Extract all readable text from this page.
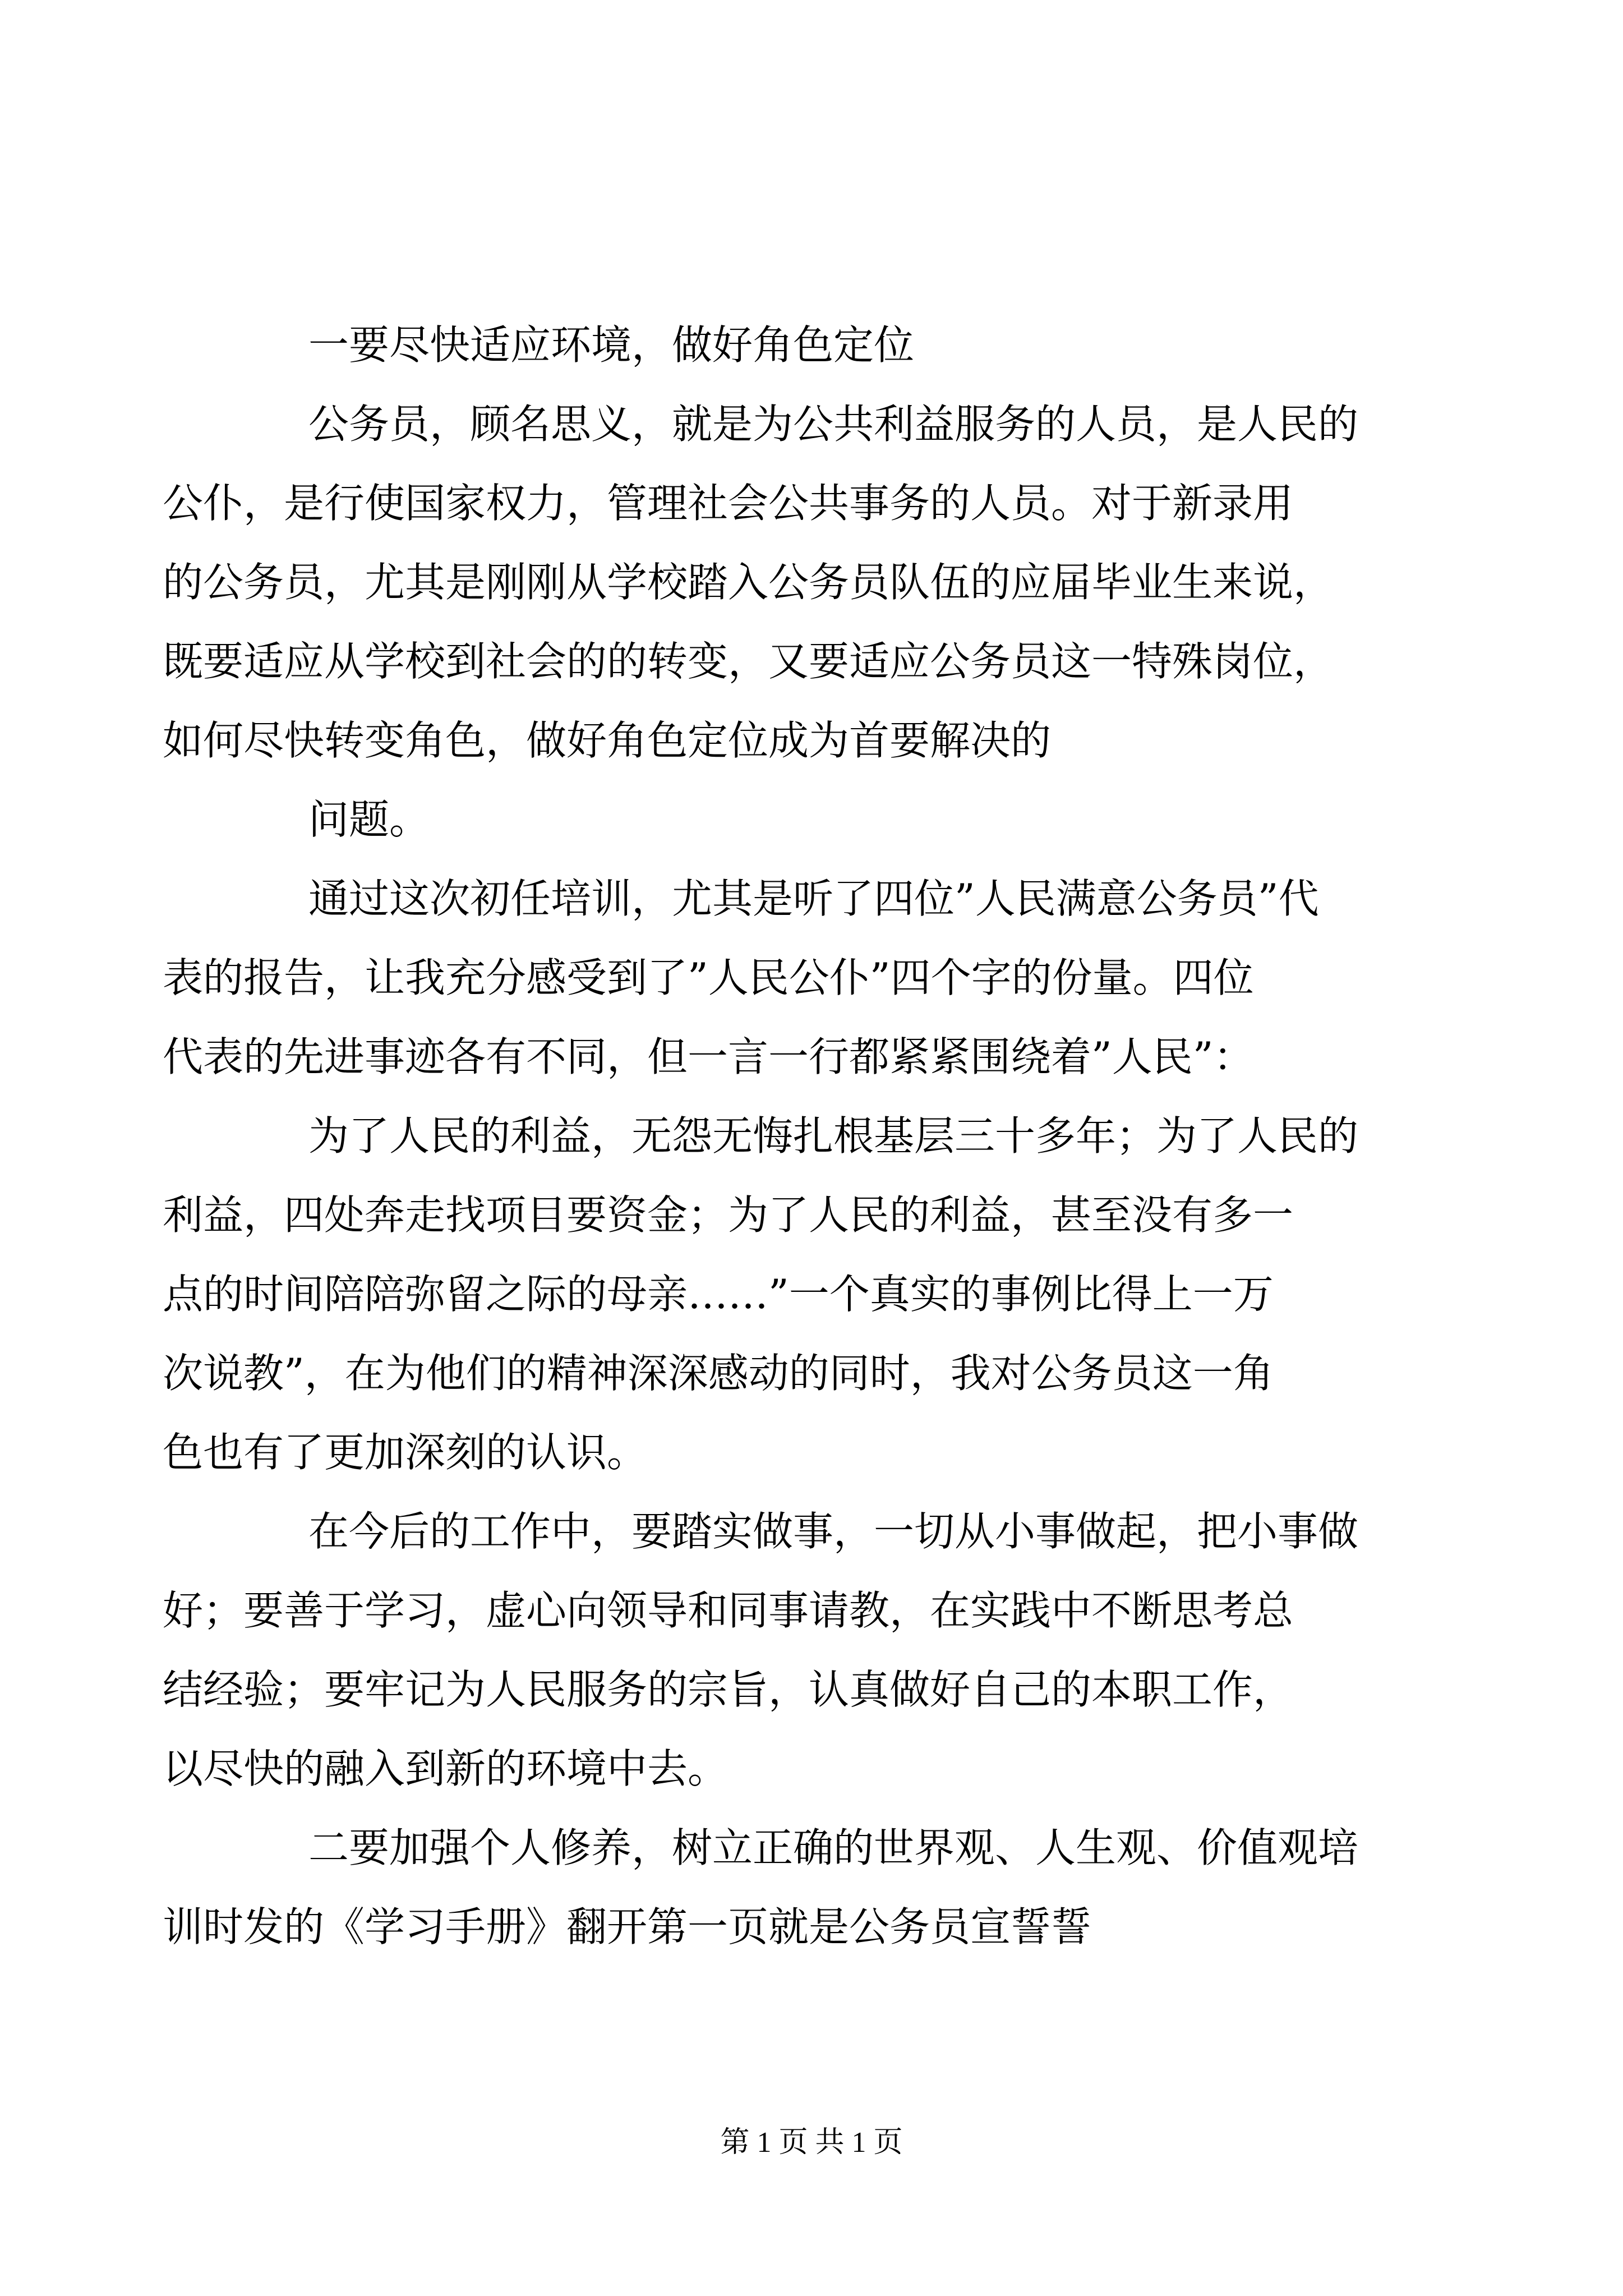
一要尽快适应环境，做好角色定位
公务员，顾名思义，就是为公共利益服务的人员，是人民的
公仆，是行使国家权力，管理社会公共事务的人员。对于新录用
的公务员，尤其是刚刚从学校踏入公务员队伍的应届毕业生来说，
既要适应从学校到社会的的转变，又要适应公务员这一特殊岗位，
如何尽快转变角色，做好角色定位成为首要解决的
问题。
通过这次初任培训，尤其是听了四位”人民满意公务员”代
表的报告，让我充分感受到了”人民公仆”四个字的份量。四位
代表的先进事迹各有不同，但一言一行都紧紧围绕着”人民”：
为了人民的利益，无怨无悔扎根基层三十多年；为了人民的
利益，四处奔走找项目要资金；为了人民的利益，甚至没有多一
点的时间陪陪弥留之际的母亲……”一个真实的事例比得上一万
次说教”，在为他们的精神深深感动的同时，我对公务员这一角
色也有了更加深刻的认识。
在今后的工作中，要踏实做事，一切从小事做起，把小事做
好；要善于学习，虚心向领导和同事请教，在实践中不断思考总
结经验；要牢记为人民服务的宗旨，认真做好自己的本职工作，
以尽快的融入到新的环境中去。
二要加强个人修养，树立正确的世界观、人生观、价值观培
训时发的《学习手册》翻开第一页就是公务员宣誓誓
第 1 页 共 1 页
